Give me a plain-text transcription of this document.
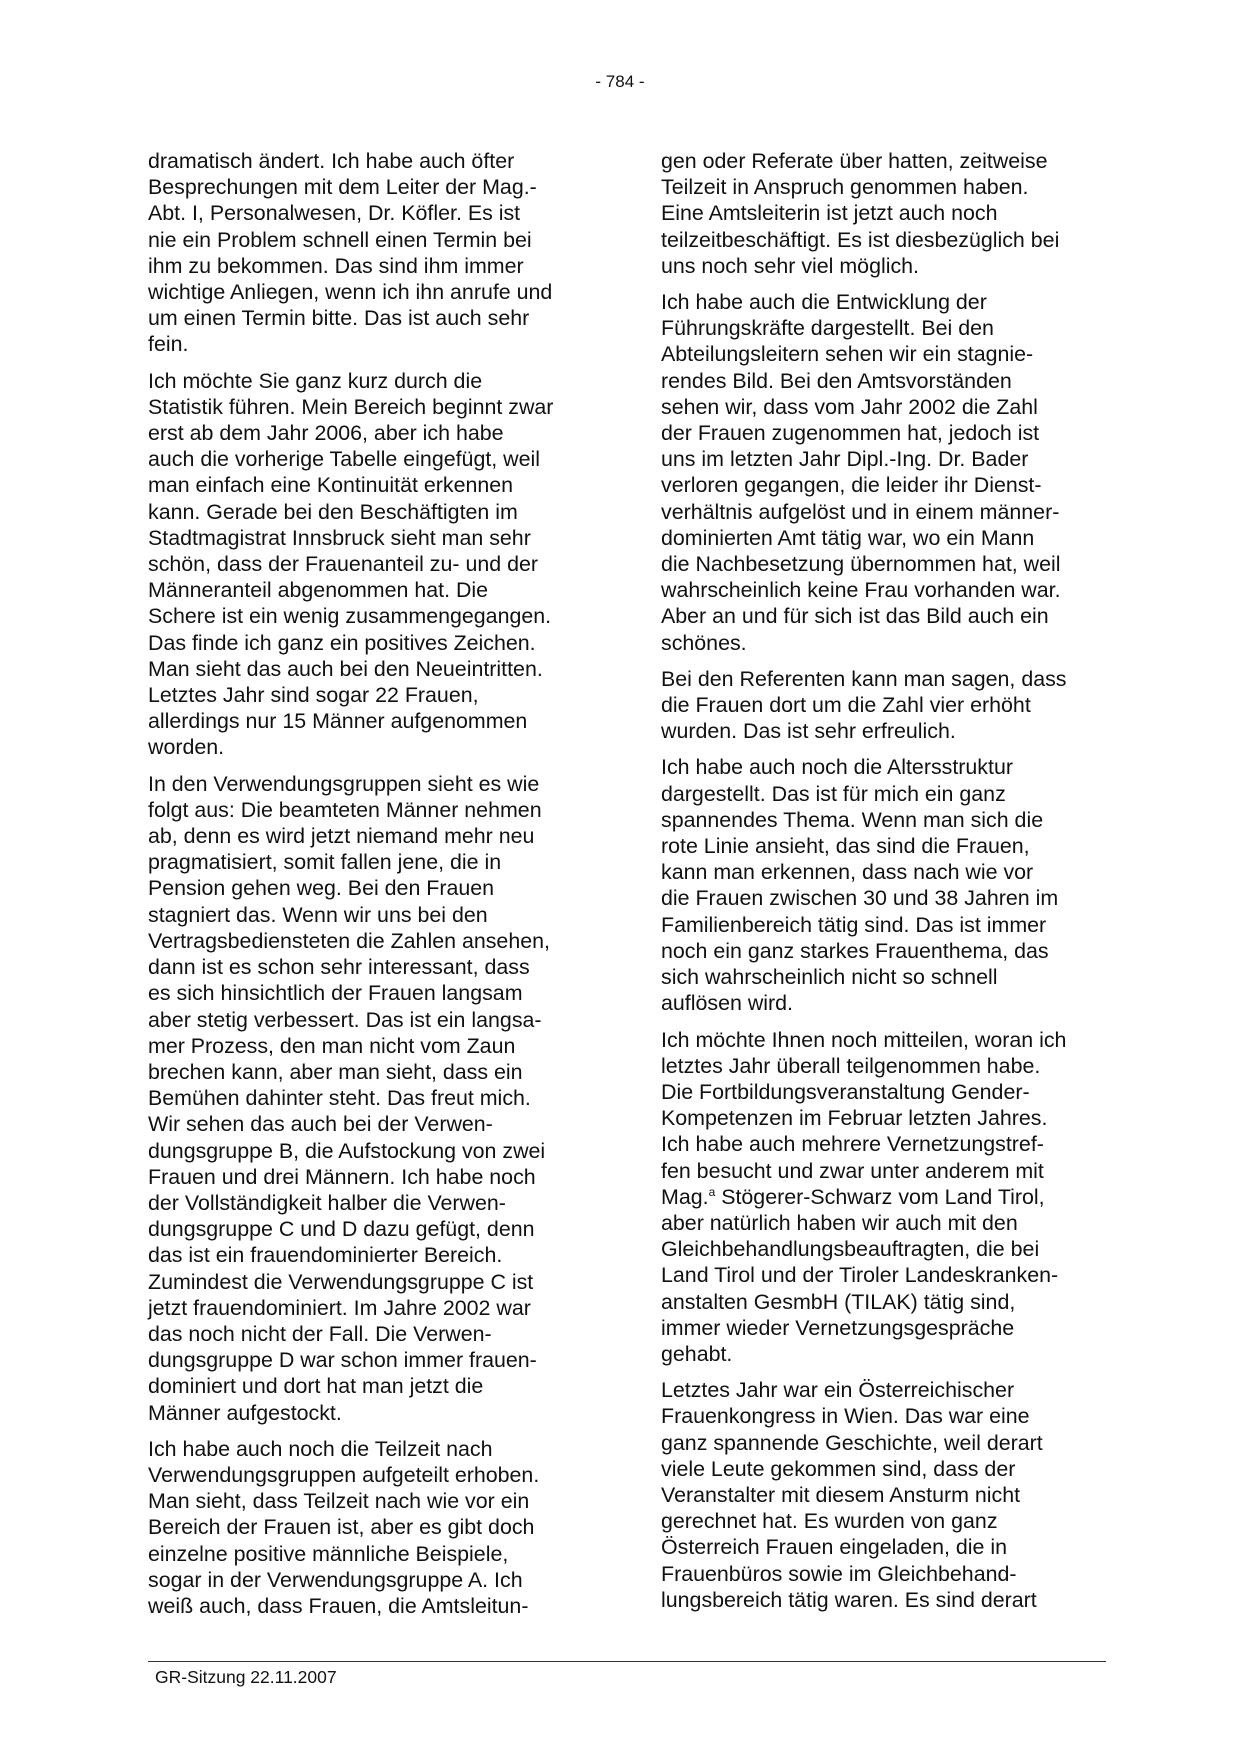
- 784 -

dramatisch ändert. Ich habe auch öfter
Besprechungen mit dem Leiter der Mag.-
Abt. I, Personalwesen, Dr. Köfler. Es ist
nie ein Problem schnell einen Termin bei
ihm zu bekommen. Das sind ihm immer
wichtige Anliegen, wenn ich ihn anrufe und
um einen Termin bitte. Das ist auch sehr
fein.

Ich möchte Sie ganz kurz durch die
Statistik führen. Mein Bereich beginnt zwar
erst ab dem Jahr 2006, aber ich habe
auch die vorherige Tabelle eingefügt, weil
man einfach eine Kontinuität erkennen
kann. Gerade bei den Beschäftigten im
Stadtmagistrat Innsbruck sieht man sehr
schön, dass der Frauenanteil zu- und der
Männeranteil abgenommen hat. Die
Schere ist ein wenig zusammengegangen.
Das finde ich ganz ein positives Zeichen.
Man sieht das auch bei den Neueintritten.
Letztes Jahr sind sogar 22 Frauen,
allerdings nur 15 Männer aufgenommen
worden.

In den Verwendungsgruppen sieht es wie
folgt aus: Die beamteten Männer nehmen
ab, denn es wird jetzt niemand mehr neu
pragmatisiert, somit fallen jene, die in
Pension gehen weg. Bei den Frauen
stagniert das. Wenn wir uns bei den
Vertragsbediensteten die Zahlen ansehen,
dann ist es schon sehr interessant, dass
es sich hinsichtlich der Frauen langsam
aber stetig verbessert. Das ist ein langsa-
mer Prozess, den man nicht vom Zaun
brechen kann, aber man sieht, dass ein
Bemühen dahinter steht. Das freut mich.
Wir sehen das auch bei der Verwen-
dungsgruppe B, die Aufstockung von zwei
Frauen und drei Männern. Ich habe noch
der Vollständigkeit halber die Verwen-
dungsgruppe C und D dazu gefügt, denn
das ist ein frauendominierter Bereich.
Zumindest die Verwendungsgruppe C ist
jetzt frauendominiert. Im Jahre 2002 war
das noch nicht der Fall. Die Verwen-
dungsgruppe D war schon immer frauen-
dominiert und dort hat man jetzt die
Männer aufgestockt.

Ich habe auch noch die Teilzeit nach
Verwendungsgruppen aufgeteilt erhoben.
Man sieht, dass Teilzeit nach wie vor ein
Bereich der Frauen ist, aber es gibt doch
einzelne positive männliche Beispiele,
sogar in der Verwendungsgruppe A. Ich
weiß auch, dass Frauen, die Amtsleitun-

gen oder Referate über hatten, zeitweise
Teilzeit in Anspruch genommen haben.
Eine Amtsleiterin ist jetzt auch noch
teilzeitbeschäftigt. Es ist diesbezüglich bei
uns noch sehr viel möglich.

Ich habe auch die Entwicklung der
Führungskräfte dargestellt. Bei den
Abteilungsleitern sehen wir ein stagnie-
rendes Bild. Bei den Amtsvorständen
sehen wir, dass vom Jahr 2002 die Zahl
der Frauen zugenommen hat, jedoch ist
uns im letzten Jahr Dipl.-Ing. Dr. Bader
verloren gegangen, die leider ihr Dienst-
verhältnis aufgelöst und in einem männer-
dominierten Amt tätig war, wo ein Mann
die Nachbesetzung übernommen hat, weil
wahrscheinlich keine Frau vorhanden war.
Aber an und für sich ist das Bild auch ein
schönes.

Bei den Referenten kann man sagen, dass
die Frauen dort um die Zahl vier erhöht
wurden. Das ist sehr erfreulich.

Ich habe auch noch die Altersstruktur
dargestellt. Das ist für mich ein ganz
spannendes Thema. Wenn man sich die
rote Linie ansieht, das sind die Frauen,
kann man erkennen, dass nach wie vor
die Frauen zwischen 30 und 38 Jahren im
Familienbereich tätig sind. Das ist immer
noch ein ganz starkes Frauenthema, das
sich wahrscheinlich nicht so schnell
auflösen wird.

Ich möchte Ihnen noch mitteilen, woran ich
letztes Jahr überall teilgenommen habe.
Die Fortbildungsveranstaltung Gender-
Kompetenzen im Februar letzten Jahres.
Ich habe auch mehrere Vernetzungstref-
fen besucht und zwar unter anderem mit
Mag.$^a$ Stögerer-Schwarz vom Land Tirol,
aber natürlich haben wir auch mit den
Gleichbehandlungsbeauftragten, die bei
Land Tirol und der Tiroler Landeskranken-
anstalten GesmbH (TILAK) tätig sind,
immer wieder Vernetzungsgespräche
gehabt.

Letztes Jahr war ein Österreichischer
Frauenkongress in Wien. Das war eine
ganz spannende Geschichte, weil derart
viele Leute gekommen sind, dass der
Veranstalter mit diesem Ansturm nicht
gerechnet hat. Es wurden von ganz
Österreich Frauen eingeladen, die in
Frauenbüros sowie im Gleichbehand-
lungsbereich tätig waren. Es sind derart

GR-Sitzung 22.11.2007
